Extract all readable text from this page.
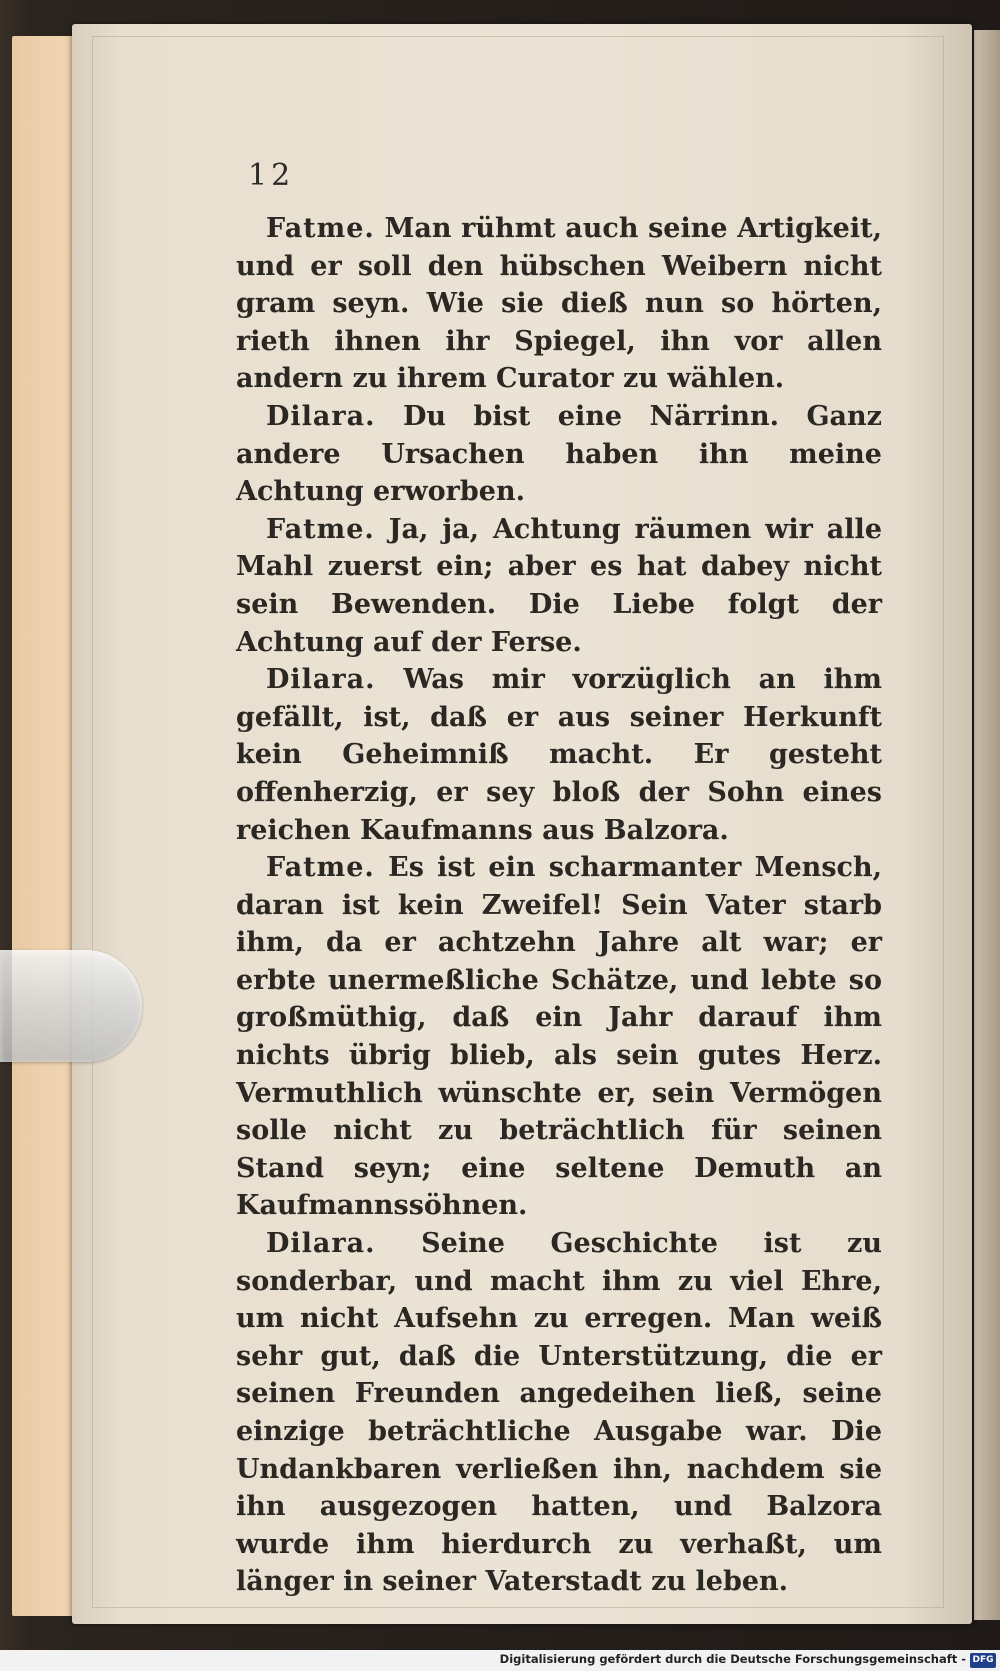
12

Fatme. Man rühmt auch seine Artigkeit, und er soll den hübschen Weibern nicht gram seyn. Wie sie dieß nun so hörten, rieth ihnen ihr Spiegel, ihn vor allen andern zu ihrem Curator zu wählen.

Dilara. Du bist eine Närrinn. Ganz andere Ursachen haben ihn meine Achtung erworben.

Fatme. Ja, ja, Achtung räumen wir alle Mahl zuerst ein; aber es hat dabey nicht sein Bewenden. Die Liebe folgt der Achtung auf der Ferse.

Dilara. Was mir vorzüglich an ihm gefällt, ist, daß er aus seiner Herkunft kein Geheimniß macht. Er gesteht offenherzig, er sey bloß der Sohn eines reichen Kaufmanns aus Balzora.

Fatme. Es ist ein scharmanter Mensch, daran ist kein Zweifel! Sein Vater starb ihm, da er achtzehn Jahre alt war; er erbte unermeßliche Schätze, und lebte so großmüthig, daß ein Jahr darauf ihm nichts übrig blieb, als sein gutes Herz. Vermuthlich wünschte er, sein Vermögen solle nicht zu beträchtlich für seinen Stand seyn; eine seltene Demuth an Kaufmannssöhnen.

Dilara. Seine Geschichte ist zu sonderbar, und macht ihm zu viel Ehre, um nicht Aufsehn zu erregen. Man weiß sehr gut, daß die Unterstützung, die er seinen Freunden angedeihen ließ, seine einzige beträchtliche Ausgabe war. Die Undankbaren verließen ihn, nachdem sie ihn ausgezogen hatten, und Balzora wurde ihm hierdurch zu verhaßt, um länger in seiner Vaterstadt zu leben.

Digitalisierung gefördert durch die Deutsche Forschungsgemeinschaft - DFG
